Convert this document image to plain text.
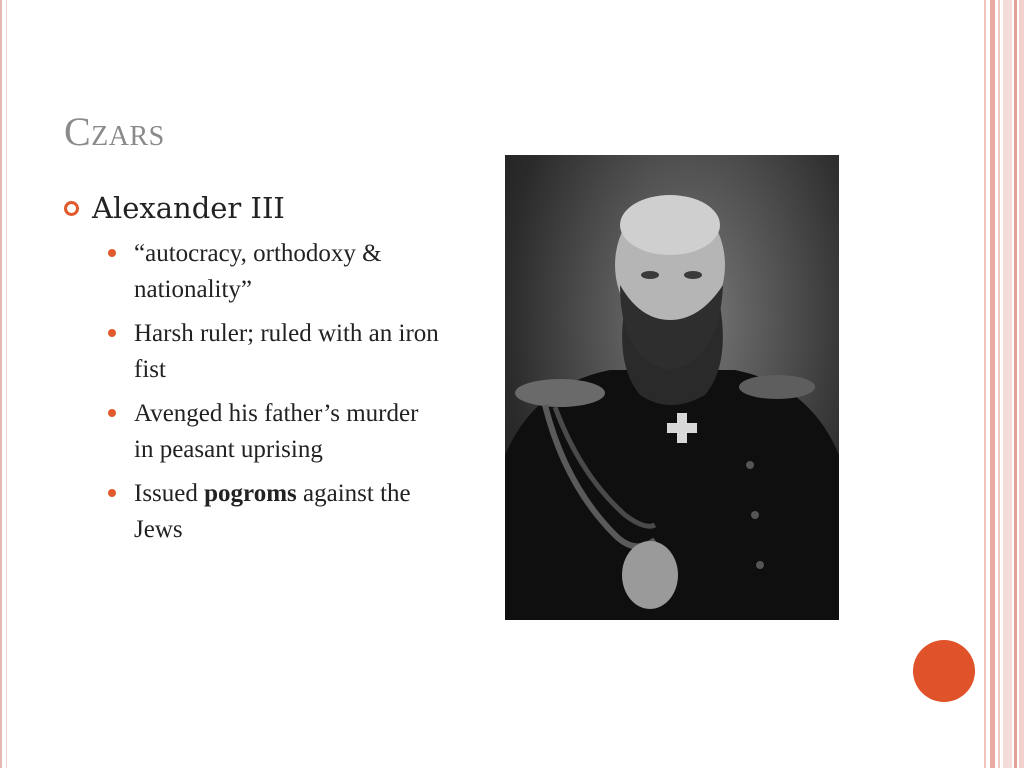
Czars
Alexander III
“autocracy, orthodoxy & nationality”
Harsh ruler; ruled with an iron fist
Avenged his father’s murder in peasant uprising
Issued pogroms against the Jews
